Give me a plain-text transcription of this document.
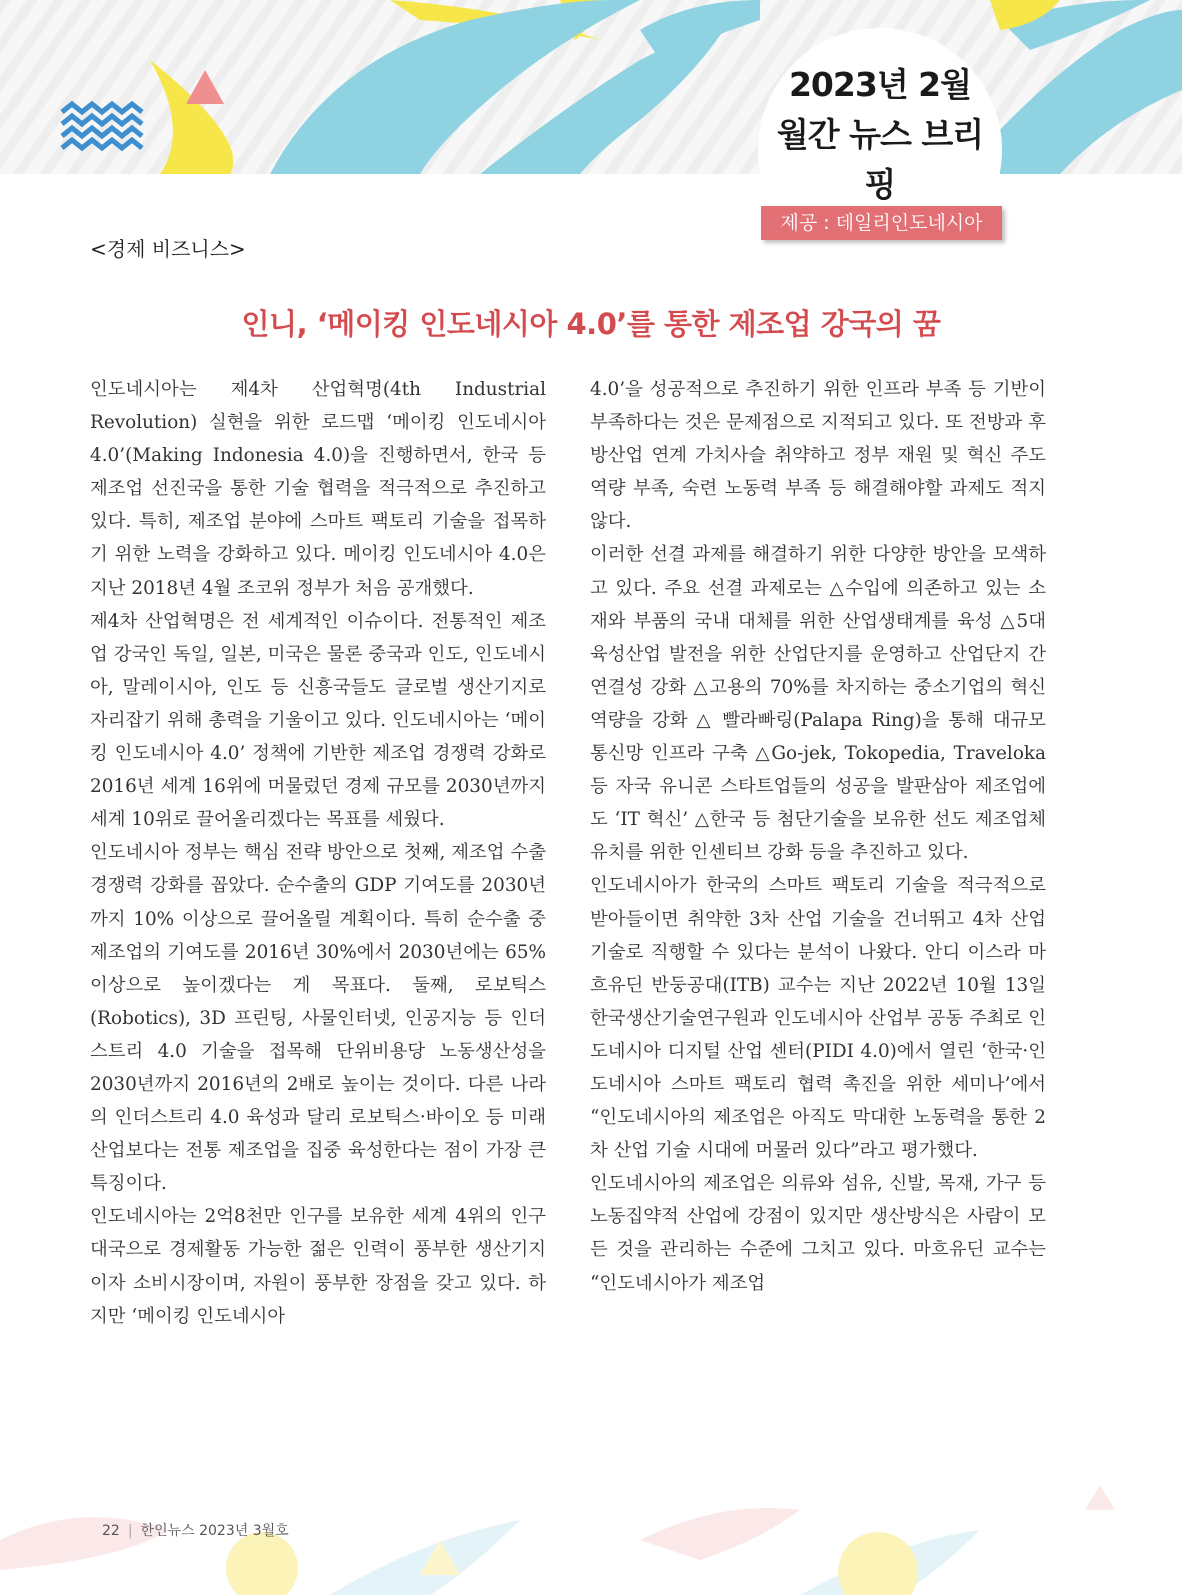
2023년 2월
월간 뉴스 브리핑
제공 : 데일리인도네시아
<경제 비즈니스>
인니, ‘메이킹 인도네시아 4.0’를 통한 제조업 강국의 꿈

인도네시아는 제4차 산업혁명(4th Industrial Revolution) 실현을 위한 로드맵 ‘메이킹 인도네시아 4.0’(Making Indonesia 4.0)을 진행하면서, 한국 등 제조업 선진국을 통한 기술 협력을 적극적으로 추진하고 있다. 특히, 제조업 분야에 스마트 팩토리 기술을 접목하기 위한 노력을 강화하고 있다. 메이킹 인도네시아 4.0은 지난 2018년 4월 조코위 정부가 처음 공개했다.

제4차 산업혁명은 전 세계적인 이슈이다. 전통적인 제조업 강국인 독일, 일본, 미국은 물론 중국과 인도, 인도네시아, 말레이시아, 인도 등 신흥국들도 글로벌 생산기지로 자리잡기 위해 총력을 기울이고 있다. 인도네시아는 ‘메이킹 인도네시아 4.0’ 정책에 기반한 제조업 경쟁력 강화로 2016년 세계 16위에 머물렀던 경제 규모를 2030년까지 세계 10위로 끌어올리겠다는 목표를 세웠다.

인도네시아 정부는 핵심 전략 방안으로 첫째, 제조업 수출 경쟁력 강화를 꼽았다. 순수출의 GDP 기여도를 2030년까지 10% 이상으로 끌어올릴 계획이다. 특히 순수출 중 제조업의 기여도를 2016년 30%에서 2030년에는 65% 이상으로 높이겠다는 게 목표다. 둘째, 로보틱스(Robotics), 3D 프린팅, 사물인터넷, 인공지능 등 인더스트리 4.0 기술을 접목해 단위비용당 노동생산성을 2030년까지 2016년의 2배로 높이는 것이다. 다른 나라의 인더스트리 4.0 육성과 달리 로보틱스·바이오 등 미래산업보다는 전통 제조업을 집중 육성한다는 점이 가장 큰 특징이다.

인도네시아는 2억8천만 인구를 보유한 세계 4위의 인구대국으로 경제활동 가능한 젊은 인력이 풍부한 생산기지이자 소비시장이며, 자원이 풍부한 장점을 갖고 있다. 하지만 ‘메이킹 인도네시아

4.0’을 성공적으로 추진하기 위한 인프라 부족 등 기반이 부족하다는 것은 문제점으로 지적되고 있다. 또 전방과 후방산업 연계 가치사슬 취약하고 정부 재원 및 혁신 주도 역량 부족, 숙련 노동력 부족 등 해결해야할 과제도 적지 않다.

이러한 선결 과제를 해결하기 위한 다양한 방안을 모색하고 있다. 주요 선결 과제로는 △수입에 의존하고 있는 소재와 부품의 국내 대체를 위한 산업생태계를 육성 △5대 육성산업 발전을 위한 산업단지를 운영하고 산업단지 간 연결성 강화 △고용의 70%를 차지하는 중소기업의 혁신역량을 강화 △ 빨라빠링(Palapa Ring)을 통해 대규모 통신망 인프라 구축 △Go-jek, Tokopedia, Traveloka 등 자국 유니콘 스타트업들의 성공을 발판삼아 제조업에도 ‘IT 혁신’ △한국 등 첨단기술을 보유한 선도 제조업체 유치를 위한 인센티브 강화 등을 추진하고 있다.

인도네시아가 한국의 스마트 팩토리 기술을 적극적으로 받아들이면 취약한 3차 산업 기술을 건너뛰고 4차 산업 기술로 직행할 수 있다는 분석이 나왔다. 안디 이스라 마흐유딘 반둥공대(ITB) 교수는 지난 2022년 10월 13일 한국생산기술연구원과 인도네시아 산업부 공동 주최로 인도네시아 디지털 산업 센터(PIDI 4.0)에서 열린 ‘한국·인도네시아 스마트 팩토리 협력 촉진을 위한 세미나’에서 “인도네시아의 제조업은 아직도 막대한 노동력을 통한 2차 산업 기술 시대에 머물러 있다”라고 평가했다.

인도네시아의 제조업은 의류와 섬유, 신발, 목재, 가구 등 노동집약적 산업에 강점이 있지만 생산방식은 사람이 모든 것을 관리하는 수준에 그치고 있다. 마흐유딘 교수는 “인도네시아가 제조업

22 | 한인뉴스 2023년 3월호
